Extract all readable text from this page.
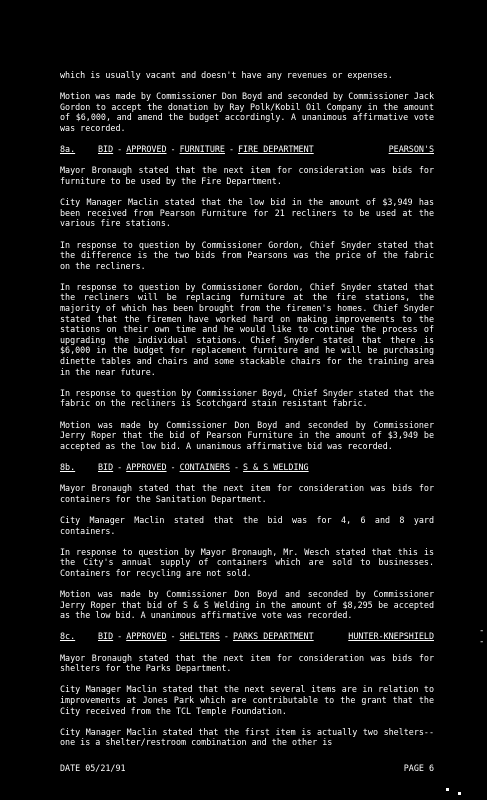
which is usually vacant and doesn't have any revenues or expenses.

Motion was made by Commissioner Don Boyd and seconded by Commissioner Jack Gordon to accept the donation by Ray Polk/Kobil Oil Company in the amount of $6,000, and amend the budget accordingly. A unanimous affirmative vote was recorded.

8a.	BID - APPROVED - FURNITURE - FIRE DEPARTMENT	PEARSON'S

Mayor Bronaugh stated that the next item for consideration was bids for furniture to be used by the Fire Department.

City Manager Maclin stated that the low bid in the amount of $3,949 has been received from Pearson Furniture for 21 recliners to be used at the various fire stations.

In response to question by Commissioner Gordon, Chief Snyder stated that the difference is the two bids from Pearsons was the price of the fabric on the recliners.

In response to question by Commissioner Gordon, Chief Snyder stated that the recliners will be replacing furniture at the fire stations, the majority of which has been brought from the firemen's homes. Chief Snyder stated that the firemen have worked hard on making improvements to the stations on their own time and he would like to continue the process of upgrading the individual stations. Chief Snyder stated that there is $6,000 in the budget for replacement furniture and he will be purchasing dinette tables and chairs and some stackable chairs for the training area in the near future.

In response to question by Commissioner Boyd, Chief Snyder stated that the fabric on the recliners is Scotchgard stain resistant fabric.

Motion was made by Commissioner Don Boyd and seconded by Commissioner Jerry Roper that the bid of Pearson Furniture in the amount of $3,949 be accepted as the low bid. A unanimous affirmative bid was recorded.

8b.	BID - APPROVED - CONTAINERS - S & S WELDING

Mayor Bronaugh stated that the next item for consideration was bids for containers for the Sanitation Department.

City Manager Maclin stated that the bid was for 4, 6 and 8 yard containers.

In response to question by Mayor Bronaugh, Mr. Wesch stated that this is the City's annual supply of containers which are sold to businesses. Containers for recycling are not sold.

Motion was made by Commissioner Don Boyd and seconded by Commissioner Jerry Roper that bid of S & S Welding in the amount of $8,295 be accepted as the low bid. A unanimous affirmative vote was recorded.

8c.	BID - APPROVED - SHELTERS - PARKS DEPARTMENT	HUNTER-KNEPSHIELD

Mayor Bronaugh stated that the next item for consideration was bids for shelters for the Parks Department.

City Manager Maclin stated that the next several items are in relation to improvements at Jones Park which are contributable to the grant that the City received from the TCL Temple Foundation.

City Manager Maclin stated that the first item is actually two shelters--one is a shelter/restroom combination and the other is

DATE 05/21/91	PAGE 6
--
